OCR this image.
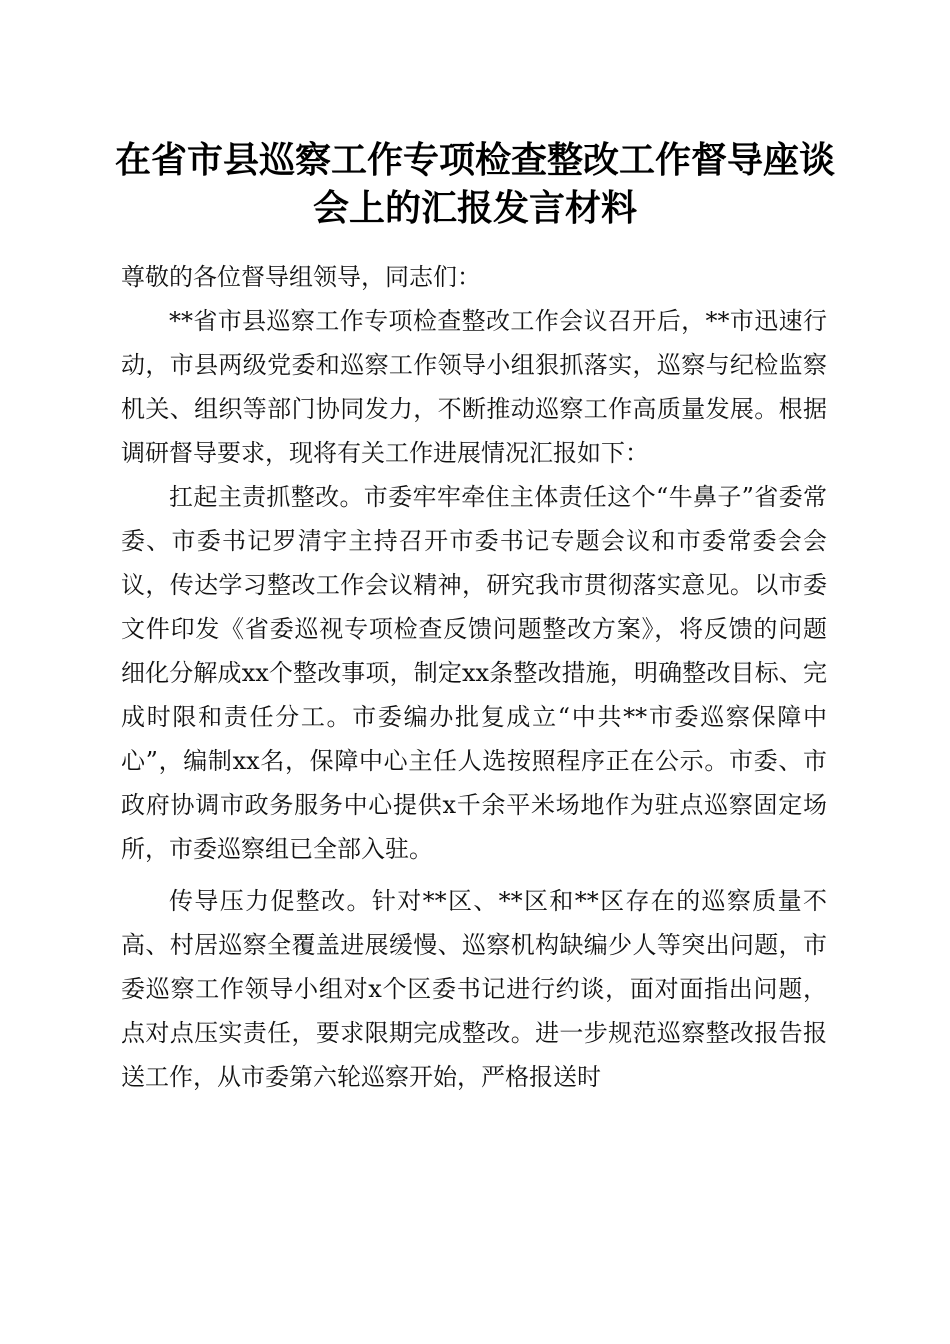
在省市县巡察工作专项检查整改工作督导座谈会上的汇报发言材料

尊敬的各位督导组领导，同志们：

**省市县巡察工作专项检查整改工作会议召开后，**市迅速行动，市县两级党委和巡察工作领导小组狠抓落实，巡察与纪检监察机关、组织等部门协同发力，不断推动巡察工作高质量发展。根据调研督导要求，现将有关工作进展情况汇报如下：

扛起主责抓整改。市委牢牢牵住主体责任这个“牛鼻子”省委常委、市委书记罗清宇主持召开市委书记专题会议和市委常委会会议，传达学习整改工作会议精神，研究我市贯彻落实意见。以市委文件印发《省委巡视专项检查反馈问题整改方案》，将反馈的问题细化分解成xx个整改事项，制定xx条整改措施，明确整改目标、完成时限和责任分工。市委编办批复成立“中共**市委巡察保障中心”，编制xx名，保障中心主任人选按照程序正在公示。市委、市政府协调市政务服务中心提供x千余平米场地作为驻点巡察固定场所，市委巡察组已全部入驻。

传导压力促整改。针对**区、**区和**区存在的巡察质量不高、村居巡察全覆盖进展缓慢、巡察机构缺编少人等突出问题，市委巡察工作领导小组对x个区委书记进行约谈，面对面指出问题，点对点压实责任，要求限期完成整改。进一步规范巡察整改报告报送工作，从市委第六轮巡察开始，严格报送时
